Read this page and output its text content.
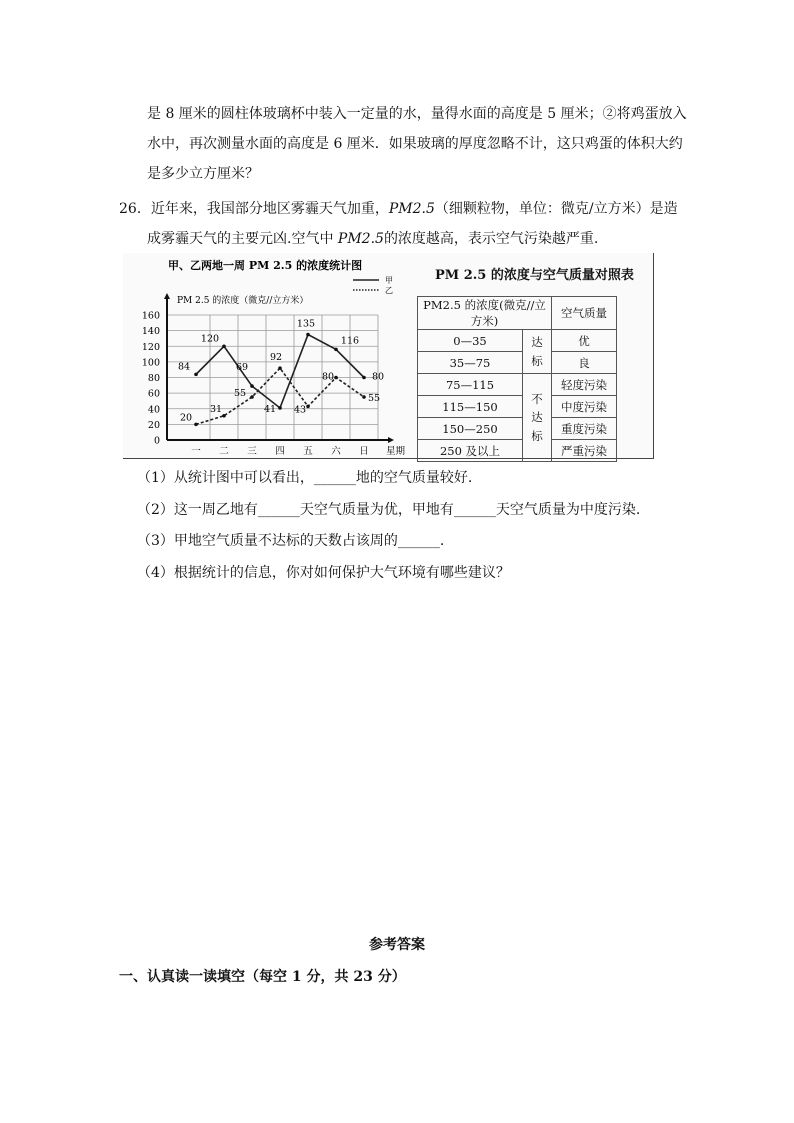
是 8 厘米的圆柱体玻璃杯中装入一定量的水，量得水面的高度是 5 厘米；②将鸡蛋放入
水中，再次测量水面的高度是 6 厘米．如果玻璃的厚度忽略不计，这只鸡蛋的体积大约
是多少立方厘米？
26．近年来，我国部分地区雾霾天气加重，PM2.5（细颗粒物，单位：微克/立方米）是造
成雾霾天气的主要元凶.空气中 PM2.5的浓度越高，表示空气污染越严重.
甲、乙两地一周 PM 2.5 的浓度统计图
甲
乙
PM 2.5 的浓度（微克//立方米）
0
20
40
60
80
100
120
140
160
一 二 三 四 五 六 日 星期
84
120
69
41
135
116
80
20
31
55
92
43
80
55
PM 2.5 的浓度与空气质量对照表
PM2.5 的浓度(微克//立方米)		空气质量
0—35	达标	优
35—75		良
75—115	不达标	轻度污染
115—150		中度污染
150—250		重度污染
250 及以上		严重污染
（1）从统计图中可以看出，______地的空气质量较好.
（2）这一周乙地有______天空气质量为优，甲地有______天空气质量为中度污染.
（3）甲地空气质量不达标的天数占该周的______.
（4）根据统计的信息，你对如何保护大气环境有哪些建议？
参考答案
一、认真读一读填空（每空 1 分，共 23 分）
